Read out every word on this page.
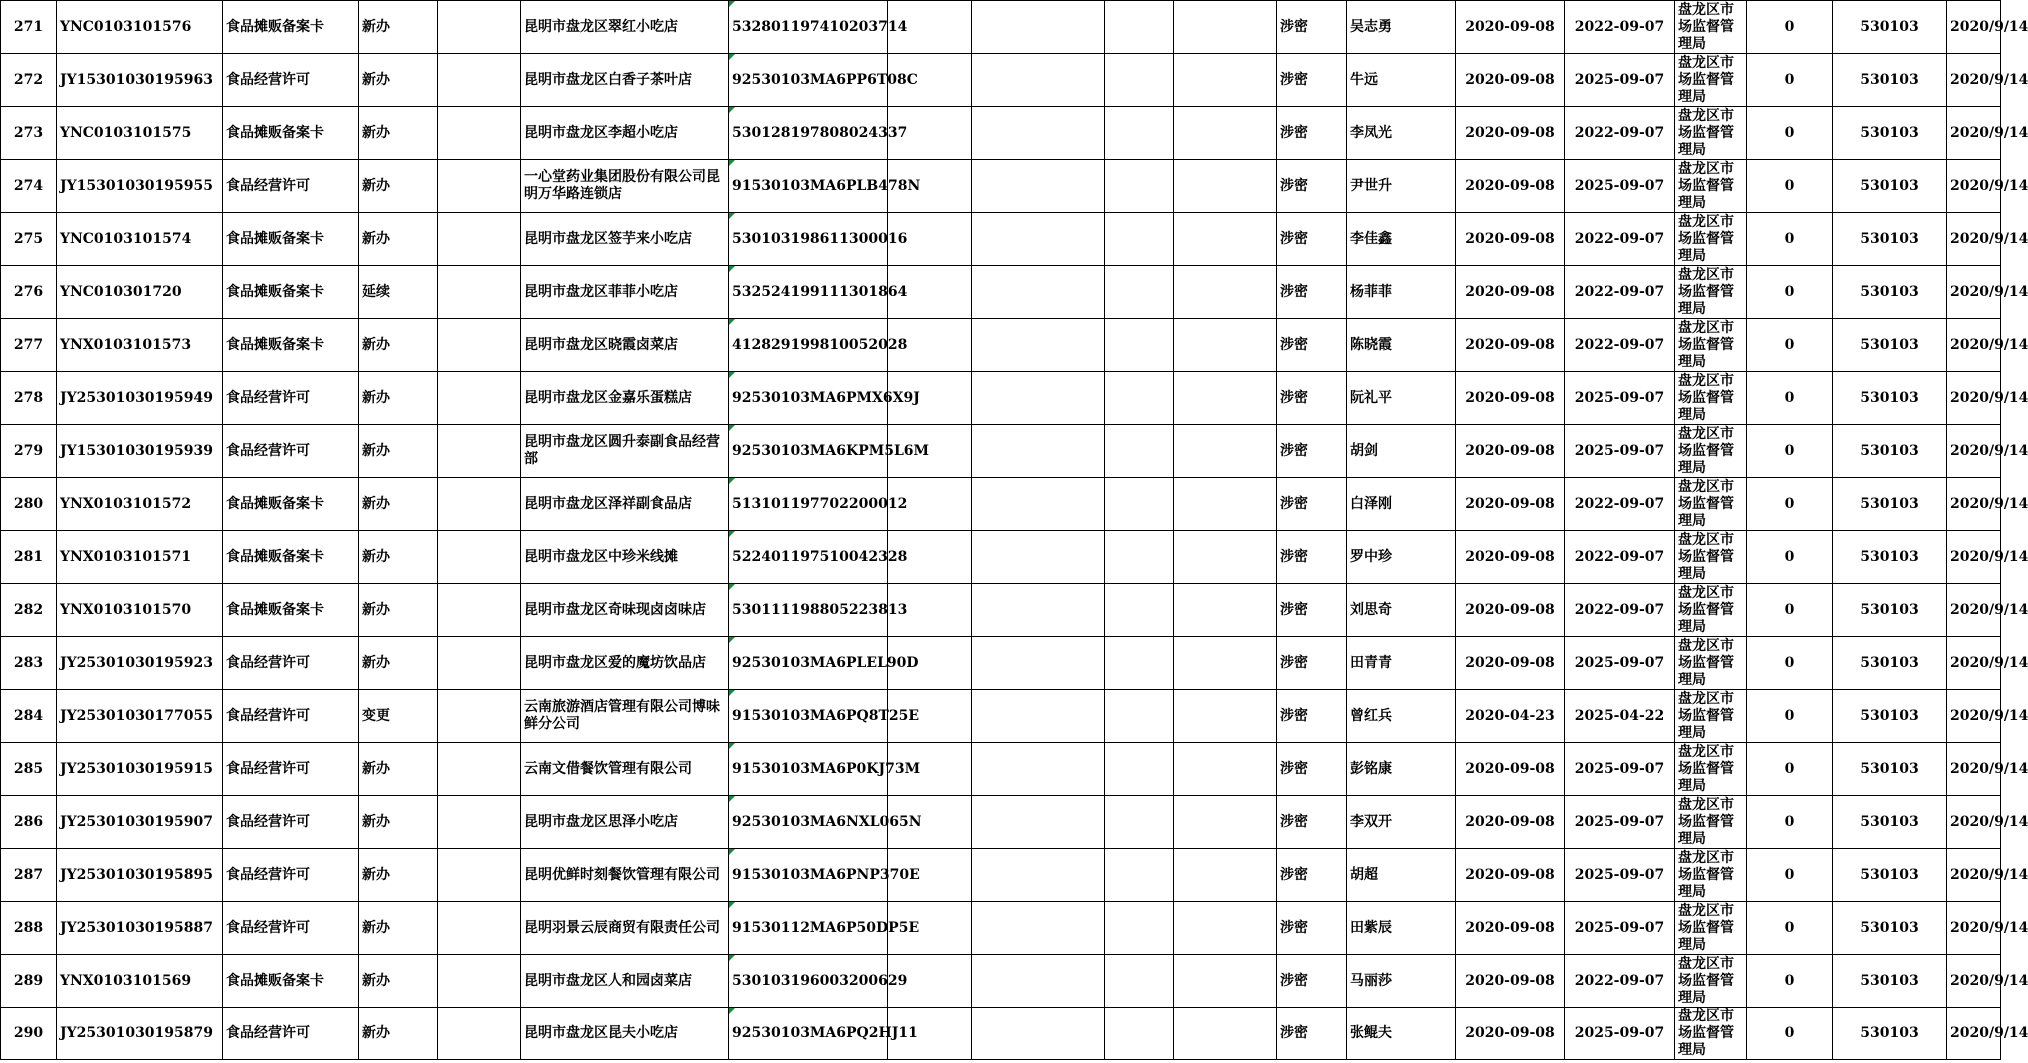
271	YNC0103101576	食品摊贩备案卡	新办		昆明市盘龙区翠红小吃店	532801197410203714					涉密	吴志勇	2020-09-08	2022-09-07	盘龙区市场监督管理局	0	530103	2020/9/14	
272	JY15301030195963	食品经营许可	新办		昆明市盘龙区白香子茶叶店	92530103MA6PP6T08C					涉密	牛远	2020-09-08	2025-09-07	盘龙区市场监督管理局	0	530103	2020/9/14	
273	YNC0103101575	食品摊贩备案卡	新办		昆明市盘龙区李超小吃店	530128197808024337					涉密	李凤光	2020-09-08	2022-09-07	盘龙区市场监督管理局	0	530103	2020/9/14	
274	JY15301030195955	食品经营许可	新办		一心堂药业集团股份有限公司昆明万华路连锁店	91530103MA6PLB478N					涉密	尹世升	2020-09-08	2025-09-07	盘龙区市场监督管理局	0	530103	2020/9/14	
275	YNC0103101574	食品摊贩备案卡	新办		昆明市盘龙区签芋来小吃店	530103198611300016					涉密	李佳鑫	2020-09-08	2022-09-07	盘龙区市场监督管理局	0	530103	2020/9/14	
276	YNC010301720	食品摊贩备案卡	延续		昆明市盘龙区菲菲小吃店	532524199111301864					涉密	杨菲菲	2020-09-08	2022-09-07	盘龙区市场监督管理局	0	530103	2020/9/14	
277	YNX0103101573	食品摊贩备案卡	新办		昆明市盘龙区晓霞卤菜店	412829199810052028					涉密	陈晓霞	2020-09-08	2022-09-07	盘龙区市场监督管理局	0	530103	2020/9/14	
278	JY25301030195949	食品经营许可	新办		昆明市盘龙区金嘉乐蛋糕店	92530103MA6PMX6X9J					涉密	阮礼平	2020-09-08	2025-09-07	盘龙区市场监督管理局	0	530103	2020/9/14	
279	JY15301030195939	食品经营许可	新办		昆明市盘龙区圆升泰副食品经营部	92530103MA6KPM5L6M					涉密	胡剑	2020-09-08	2025-09-07	盘龙区市场监督管理局	0	530103	2020/9/14	
280	YNX0103101572	食品摊贩备案卡	新办		昆明市盘龙区泽祥副食品店	513101197702200012					涉密	白泽刚	2020-09-08	2022-09-07	盘龙区市场监督管理局	0	530103	2020/9/14	
281	YNX0103101571	食品摊贩备案卡	新办		昆明市盘龙区中珍米线摊	522401197510042328					涉密	罗中珍	2020-09-08	2022-09-07	盘龙区市场监督管理局	0	530103	2020/9/14	
282	YNX0103101570	食品摊贩备案卡	新办		昆明市盘龙区奇味现卤卤味店	530111198805223813					涉密	刘思奇	2020-09-08	2022-09-07	盘龙区市场监督管理局	0	530103	2020/9/14	
283	JY25301030195923	食品经营许可	新办		昆明市盘龙区爱的魔坊饮品店	92530103MA6PLEL90D					涉密	田青青	2020-09-08	2025-09-07	盘龙区市场监督管理局	0	530103	2020/9/14	
284	JY25301030177055	食品经营许可	变更		云南旅游酒店管理有限公司博味鲜分公司	91530103MA6PQ8T25E					涉密	曾红兵	2020-04-23	2025-04-22	盘龙区市场监督管理局	0	530103	2020/9/14	
285	JY25301030195915	食品经营许可	新办		云南文借餐饮管理有限公司	91530103MA6P0KJ73M					涉密	彭铭康	2020-09-08	2025-09-07	盘龙区市场监督管理局	0	530103	2020/9/14	
286	JY25301030195907	食品经营许可	新办		昆明市盘龙区思泽小吃店	92530103MA6NXL065N					涉密	李双开	2020-09-08	2025-09-07	盘龙区市场监督管理局	0	530103	2020/9/14	
287	JY25301030195895	食品经营许可	新办		昆明优鲜时刻餐饮管理有限公司	91530103MA6PNP370E					涉密	胡超	2020-09-08	2025-09-07	盘龙区市场监督管理局	0	530103	2020/9/14	
288	JY25301030195887	食品经营许可	新办		昆明羽景云辰商贸有限责任公司	91530112MA6P50DP5E					涉密	田紫辰	2020-09-08	2025-09-07	盘龙区市场监督管理局	0	530103	2020/9/14	
289	YNX0103101569	食品摊贩备案卡	新办		昆明市盘龙区人和园卤菜店	530103196003200629					涉密	马丽莎	2020-09-08	2022-09-07	盘龙区市场监督管理局	0	530103	2020/9/14	
290	JY25301030195879	食品经营许可	新办		昆明市盘龙区昆夫小吃店	92530103MA6PQ2HJ11					涉密	张鲲夫	2020-09-08	2025-09-07	盘龙区市场监督管理局	0	530103	2020/9/14	
